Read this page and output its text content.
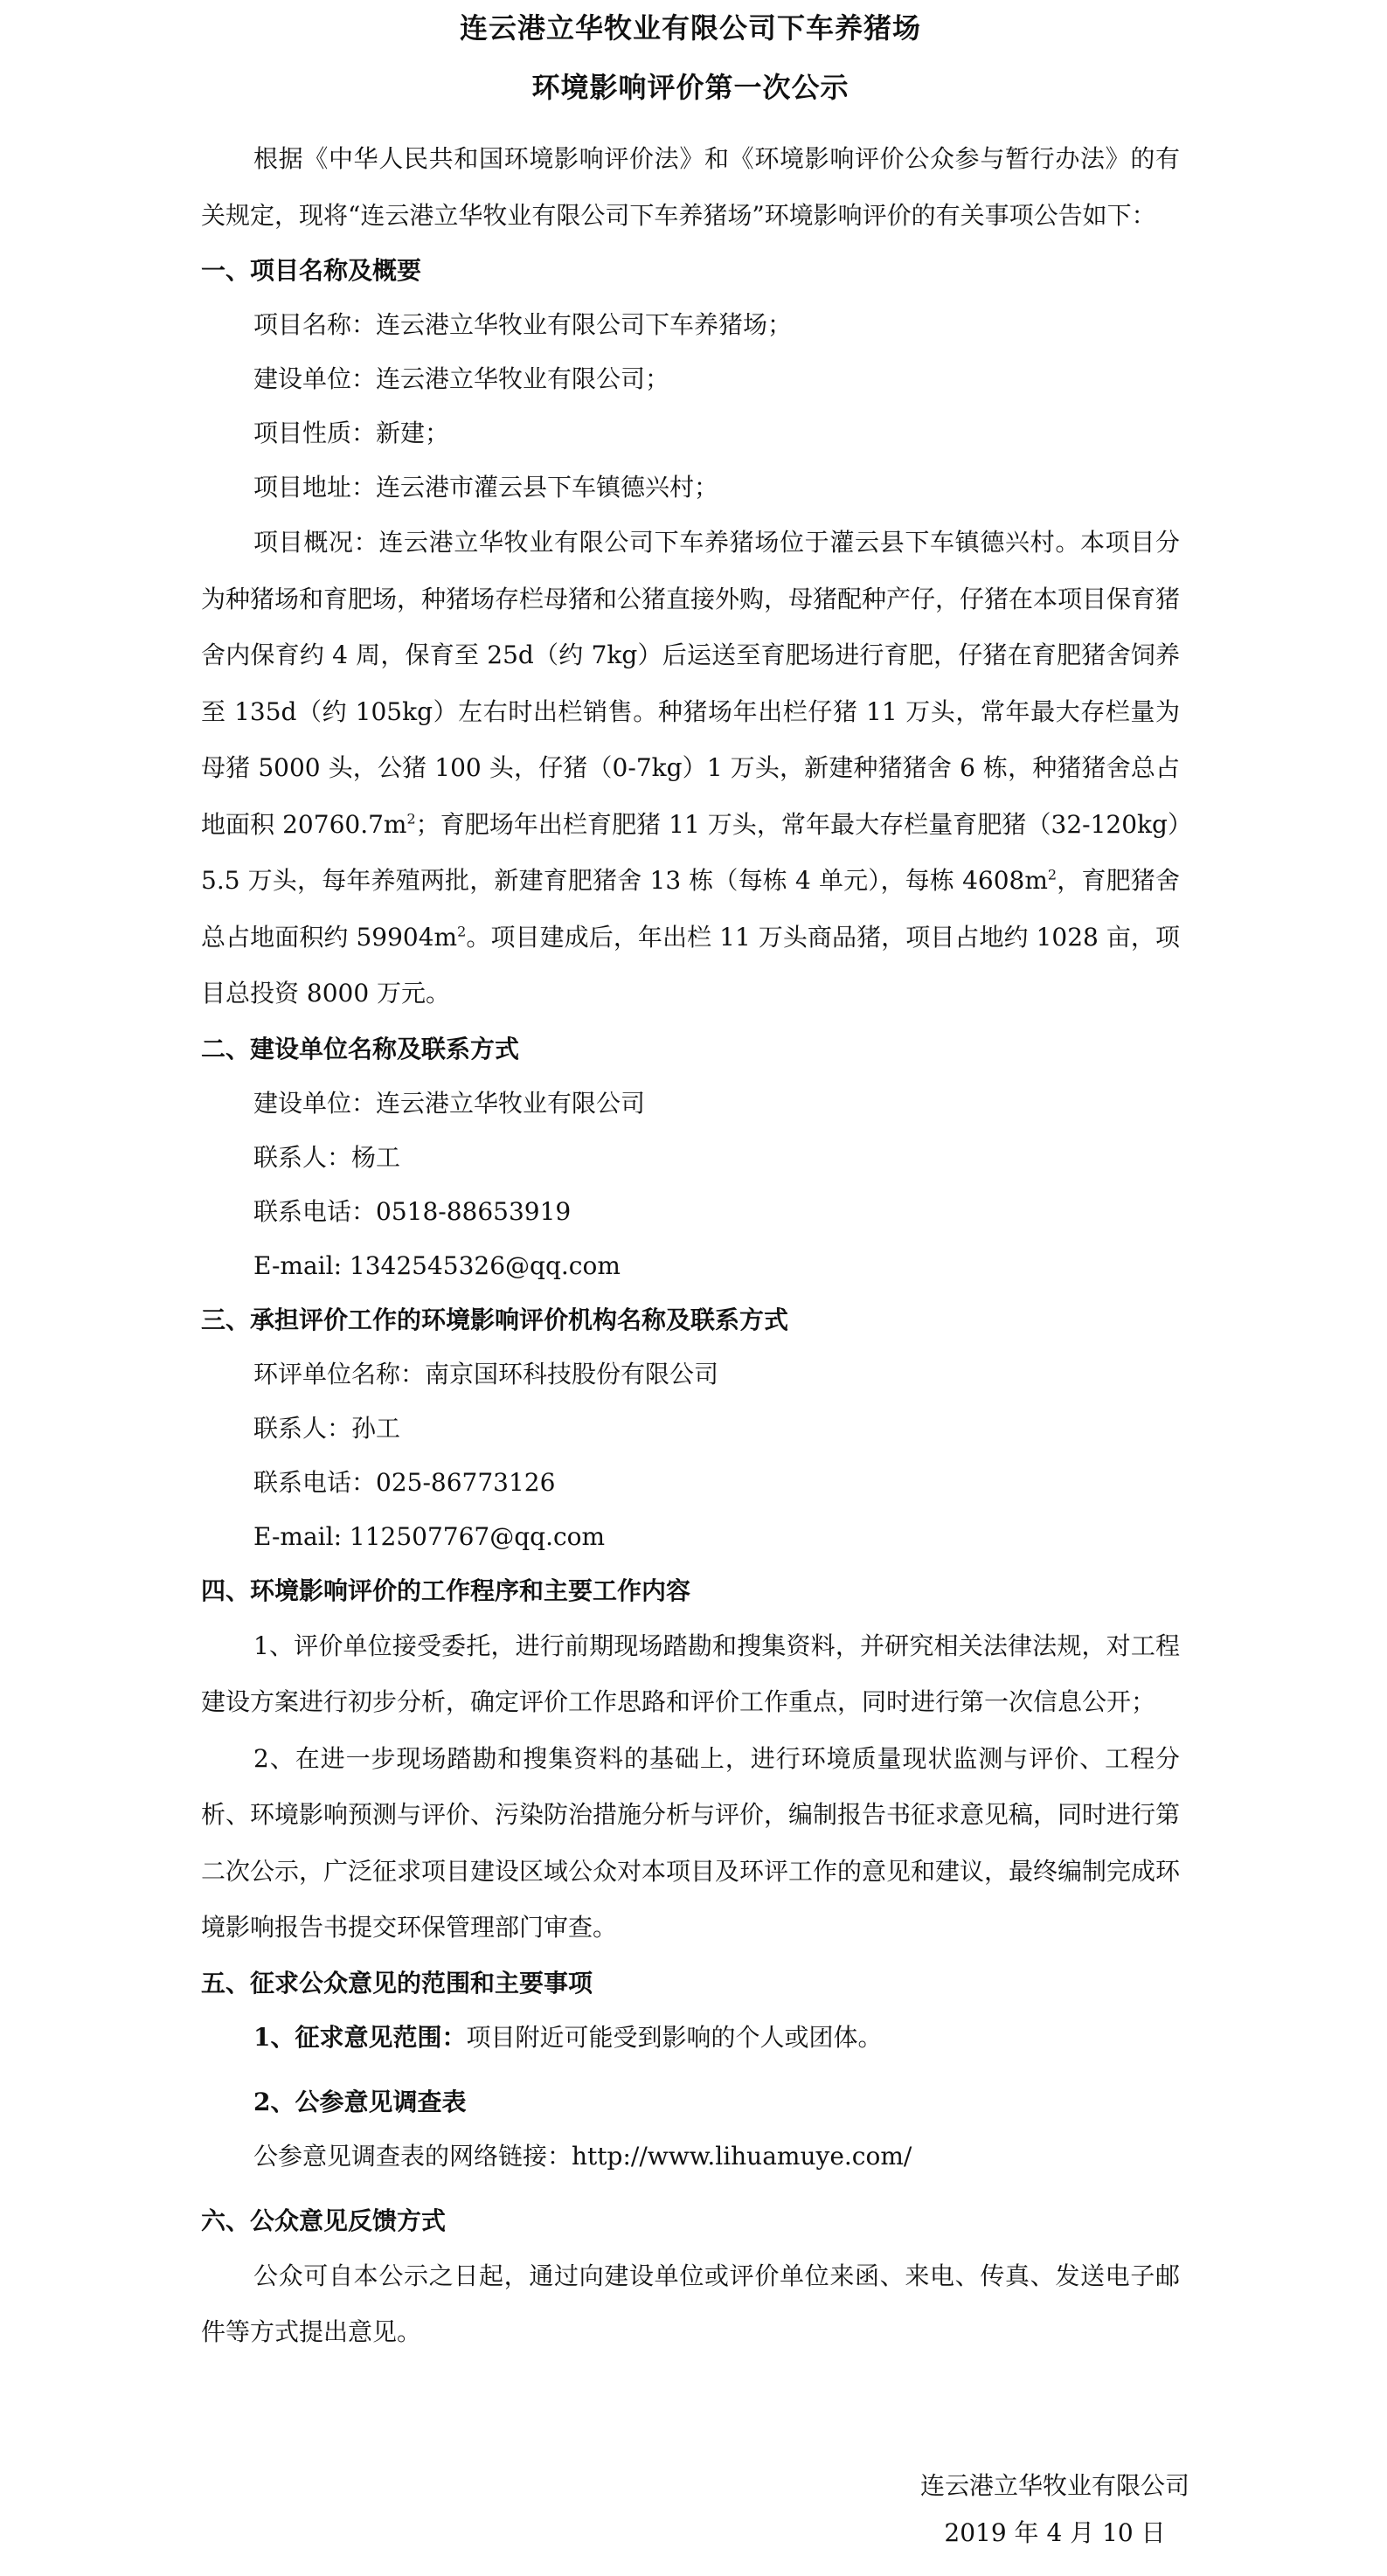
连云港立华牧业有限公司下车养猪场

环境影响评价第一次公示

根据《中华人民共和国环境影响评价法》和《环境影响评价公众参与暂行办法》的有关规定，现将“连云港立华牧业有限公司下车养猪场”环境影响评价的有关事项公告如下：

一、项目名称及概要

项目名称：连云港立华牧业有限公司下车养猪场；

建设单位：连云港立华牧业有限公司；

项目性质：新建；

项目地址：连云港市灌云县下车镇德兴村；

项目概况：连云港立华牧业有限公司下车养猪场位于灌云县下车镇德兴村。本项目分为种猪场和育肥场，种猪场存栏母猪和公猪直接外购，母猪配种产仔，仔猪在本项目保育猪舍内保育约 4 周，保育至 25d（约 7kg）后运送至育肥场进行育肥，仔猪在育肥猪舍饲养至 135d（约 105kg）左右时出栏销售。种猪场年出栏仔猪 11 万头，常年最大存栏量为母猪 5000 头，公猪 100 头，仔猪（0-7kg）1 万头，新建种猪猪舍 6 栋，种猪猪舍总占地面积 $20760.7m^2$；育肥场年出栏育肥猪 11 万头，常年最大存栏量育肥猪（32-120kg）5.5 万头，每年养殖两批，新建育肥猪舍 13 栋（每栋 4 单元），每栋 $4608m^2$，育肥猪舍总占地面积约 $59904m^2$。项目建成后，年出栏 11 万头商品猪，项目占地约 1028 亩，项目总投资 8000 万元。

二、建设单位名称及联系方式

建设单位：连云港立华牧业有限公司

联系人：杨工

联系电话：0518-88653919

E-mail: 1342545326@qq.com

三、承担评价工作的环境影响评价机构名称及联系方式

环评单位名称：南京国环科技股份有限公司

联系人：孙工

联系电话：025-86773126

E-mail: 112507767@qq.com

四、环境影响评价的工作程序和主要工作内容

1、评价单位接受委托，进行前期现场踏勘和搜集资料，并研究相关法律法规，对工程建设方案进行初步分析，确定评价工作思路和评价工作重点，同时进行第一次信息公开；

2、在进一步现场踏勘和搜集资料的基础上，进行环境质量现状监测与评价、工程分析、环境影响预测与评价、污染防治措施分析与评价，编制报告书征求意见稿，同时进行第二次公示，广泛征求项目建设区域公众对本项目及环评工作的意见和建议，最终编制完成环境影响报告书提交环保管理部门审查。

五、征求公众意见的范围和主要事项

1、征求意见范围：项目附近可能受到影响的个人或团体。

2、公参意见调查表

公参意见调查表的网络链接：http://www.lihuamuye.com/

六、公众意见反馈方式

公众可自本公示之日起，通过向建设单位或评价单位来函、来电、传真、发送电子邮件等方式提出意见。

连云港立华牧业有限公司
2019 年 4 月 10 日
